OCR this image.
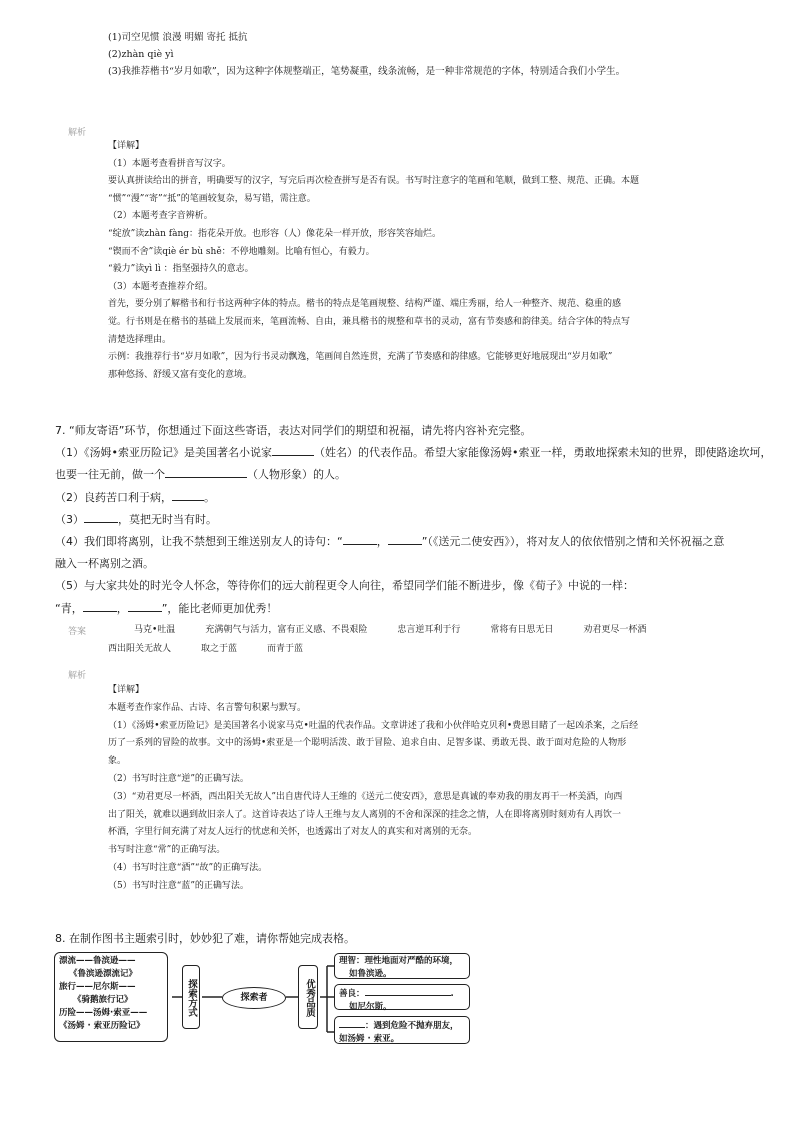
(1)司空见惯 浪漫 明媚 寄托 抵抗
(2)zhàn qiè yì
(3)我推荐楷书“岁月如歌”，因为这种字体规整端正，笔势凝重，线条流畅，是一种非常规范的字体，特别适合我们小学生。
解析
【详解】
（1）本题考查看拼音写汉字。
要认真拼读给出的拼音，明确要写的汉字，写完后再次检查拼写是否有误。书写时注意字的笔画和笔顺，做到工整、规范、正确。本题
“惯”“漫”“寄”“抵”的笔画较复杂，易写错，需注意。
（2）本题考查字音辨析。
“绽放”读zhàn fàng：指花朵开放。也形容（人）像花朵一样开放，形容笑容灿烂。
“锲而不舍”读qiè ér bù shě：不停地雕刻。比喻有恒心，有毅力。
“毅力”读yì lì ：指坚强持久的意志。
（3）本题考查推荐介绍。
首先，要分别了解楷书和行书这两种字体的特点。楷书的特点是笔画规整、结构严谨、端庄秀丽，给人一种整齐、规范、稳重的感
觉。行书则是在楷书的基础上发展而来，笔画流畅、自由，兼具楷书的规整和草书的灵动，富有节奏感和韵律美。结合字体的特点写
清楚选择理由。
示例：我推荐行书“岁月如歌”，因为行书灵动飘逸，笔画间自然连贯，充满了节奏感和韵律感。它能够更好地展现出“岁月如歌”
那种悠扬、舒缓又富有变化的意境。
7. “师友寄语”环节，你想通过下面这些寄语，表达对同学们的期望和祝福，请先将内容补充完整。
（1）《汤姆•索亚历险记》是美国著名小说家	（姓名）的代表作品。希望大家能像汤姆•索亚一样，勇敢地探索未知的世界，即使路途坎坷，
也要一往无前，做一个	（人物形象）的人。
（2）良药苦口利于病，	。
（3）	，莫把无时当有时。
（4）我们即将离别，让我不禁想到王维送别友人的诗句：“	，	”（《送元二使安西》），将对友人的依依惜别之情和关怀祝福之意
融入一杯离别之酒。
（5）与大家共处的时光令人怀念，等待你们的远大前程更令人向往，希望同学们能不断进步，像《荀子》中说的一样：
“青，	，	”，能比老师更加优秀！
答案	马克•吐温	充满朝气与活力，富有正义感、不畏艰险	忠言逆耳利于行	常将有日思无日	劝君更尽一杯酒
西出阳关无故人	取之于蓝	而青于蓝
解析
【详解】
本题考查作家作品、古诗、名言警句积累与默写。
（1）《汤姆•索亚历险记》是美国著名小说家马克•吐温的代表作品。文章讲述了我和小伙伴哈克贝利•费恩目睹了一起凶杀案，之后经
历了一系列的冒险的故事。文中的汤姆•索亚是一个聪明活泼、敢于冒险、追求自由、足智多谋、勇敢无畏、敢于面对危险的人物形
象。
（2）书写时注意“逆”的正确写法。
（3）“劝君更尽一杯酒，西出阳关无故人”出自唐代诗人王维的《送元二使安西》，意思是真诚的奉劝我的朋友再干一杯美酒，向西
出了阳关，就难以遇到故旧亲人了。这首诗表达了诗人王维与友人离别的不舍和深深的挂念之情，人在即将离别时刻劝有人再饮一
杯酒，字里行间充满了对友人远行的忧虑和关怀，也透露出了对友人的真实和对离别的无奈。
书写时注意“常”的正确写法。
（4）书写时注意“酒”“故”的正确写法。
（5）书写时注意“蓝”的正确写法。
8. 在制作图书主题索引时，妙妙犯了难，请你帮她完成表格。
漂流——鲁滨逊——
《鲁滨逊漂流记》
旅行——尼尔斯——
《骑鹅旅行记》
历险——汤姆·索亚——
《汤姆 · 索亚历险记》
探索方式	探索者	优秀品质
理智：理性地面对严酷的环境，
如鲁滨逊。
善良：	.
如尼尔斯。
：遇到危险不抛弃朋友，
如汤姆 · 索亚。
